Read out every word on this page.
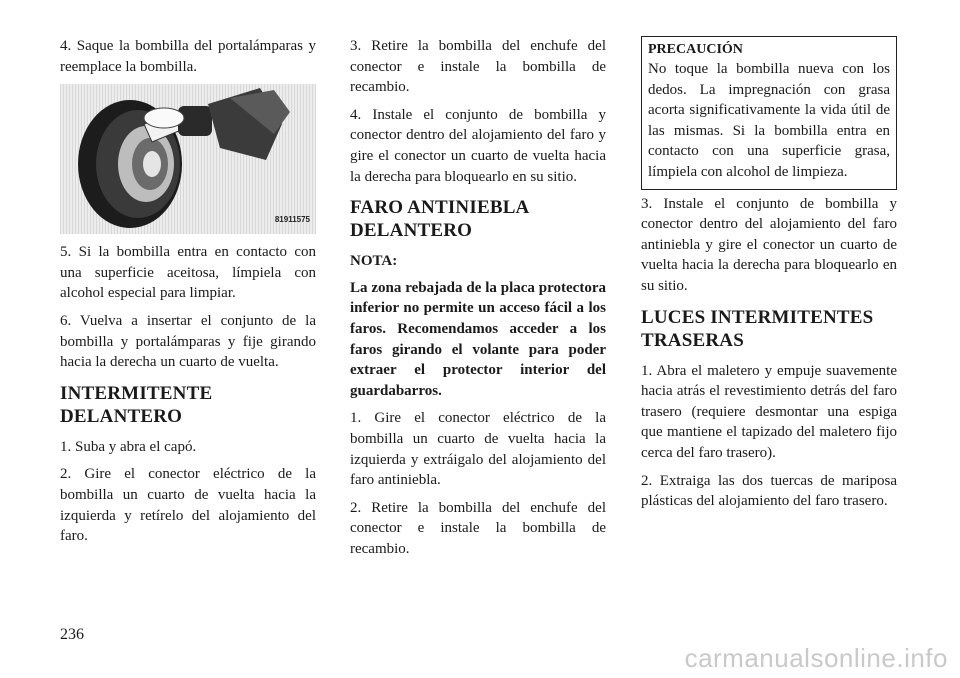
4. Saque la bombilla del portalámparas y reemplace la bombilla.

81911575

5. Si la bombilla entra en contacto con una superficie aceitosa, límpiela con alcohol especial para limpiar.

6. Vuelva a insertar el conjunto de la bombilla y portalámparas y fije girando hacia la derecha un cuarto de vuelta.

INTERMITENTE DELANTERO

1. Suba y abra el capó.

2. Gire el conector eléctrico de la bombilla un cuarto de vuelta hacia la izquierda y retírelo del alojamiento del faro.

3. Retire la bombilla del enchufe del conector e instale la bombilla de recambio.

4. Instale el conjunto de bombilla y conector dentro del alojamiento del faro y gire el conector un cuarto de vuelta hacia la derecha para bloquearlo en su sitio.

FARO ANTINIEBLA DELANTERO

NOTA:

La zona rebajada de la placa protectora inferior no permite un acceso fácil a los faros. Recomendamos acceder a los faros girando el volante para poder extraer el protector interior del guardabarros.

1. Gire el conector eléctrico de la bombilla un cuarto de vuelta hacia la izquierda y extráigalo del alojamiento del faro antiniebla.

2. Retire la bombilla del enchufe del conector e instale la bombilla de recambio.

PRECAUCIÓN

No toque la bombilla nueva con los dedos. La impregnación con grasa acorta significativamente la vida útil de las mismas. Si la bombilla entra en contacto con una superficie grasa, límpiela con alcohol de limpieza.

3. Instale el conjunto de bombilla y conector dentro del alojamiento del faro antiniebla y gire el conector un cuarto de vuelta hacia la derecha para bloquearlo en su sitio.

LUCES INTERMITENTES TRASERAS

1. Abra el maletero y empuje suavemente hacia atrás el revestimiento detrás del faro trasero (requiere desmontar una espiga que mantiene el tapizado del maletero fijo cerca del faro trasero).

2. Extraiga las dos tuercas de mariposa plásticas del alojamiento del faro trasero.

236
carmanualsonline.info
